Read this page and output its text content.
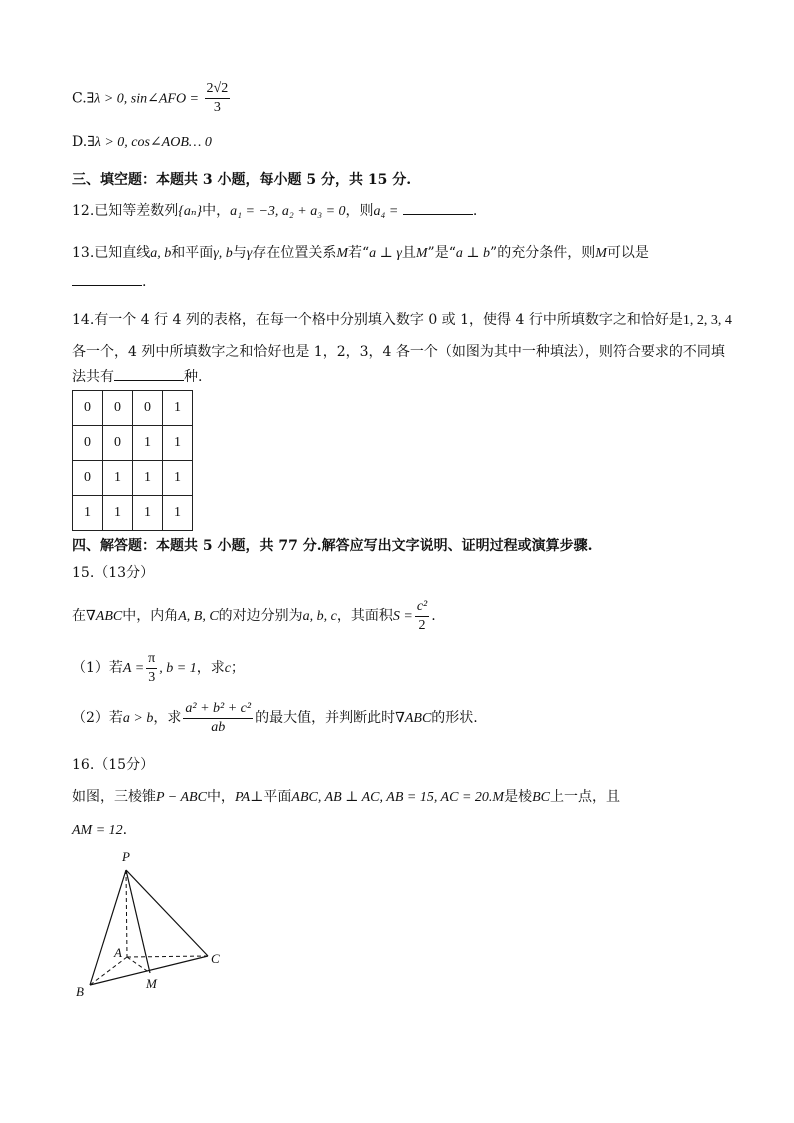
C.∃λ > 0, sin∠AFO = $\frac{2√2}{3}$
D.∃λ > 0, cos∠AOB… 0
三、填空题：本题共 3 小题，每小题 5 分，共 15 分.
12.已知等差数列{aₙ}中，a₁ = −3, a₂ + a₃ = 0，则a₄ =	.
13.已知直线a, b和平面γ, b与γ存在位置关系M若“a ⊥ γ且M”是“a ⊥ b”的充分条件，则M可以是
.
14.有一个 4 行 4 列的表格，在每一个格中分别填入数字 0 或 1，使得 4 行中所填数字之和恰好是1, 2, 3, 4
各一个，4 列中所填数字之和恰好也是 1，2，3，4 各一个（如图为其中一种填法），则符合要求的不同填
法共有	种.
0	0	0	1
0	0	1	1
0	1	1	1
1	1	1	1
四、解答题：本题共 5 小题，共 77 分.解答应写出文字说明、证明过程或演算步骤.
15.（13分）
在∇ABC中，内角A, B, C的对边分别为a, b, c，其面积$S = \frac{\text{c²}}{2}$ .
（1）若$A = \frac{\pi}{3}$ , b = 1，求c；
（2）若a > b，求 $\frac{\text{a² + b² + c²}}{ab}$ 的最大值，并判断此时∇ABC的形状.
16.（15分）
如图，三棱锥P − ABC中，PA⊥平面ABC, AB ⊥ AC, AB = 15, AC = 20.M是棱BC上一点，且
AM = 12.
P
A
B
C
M
